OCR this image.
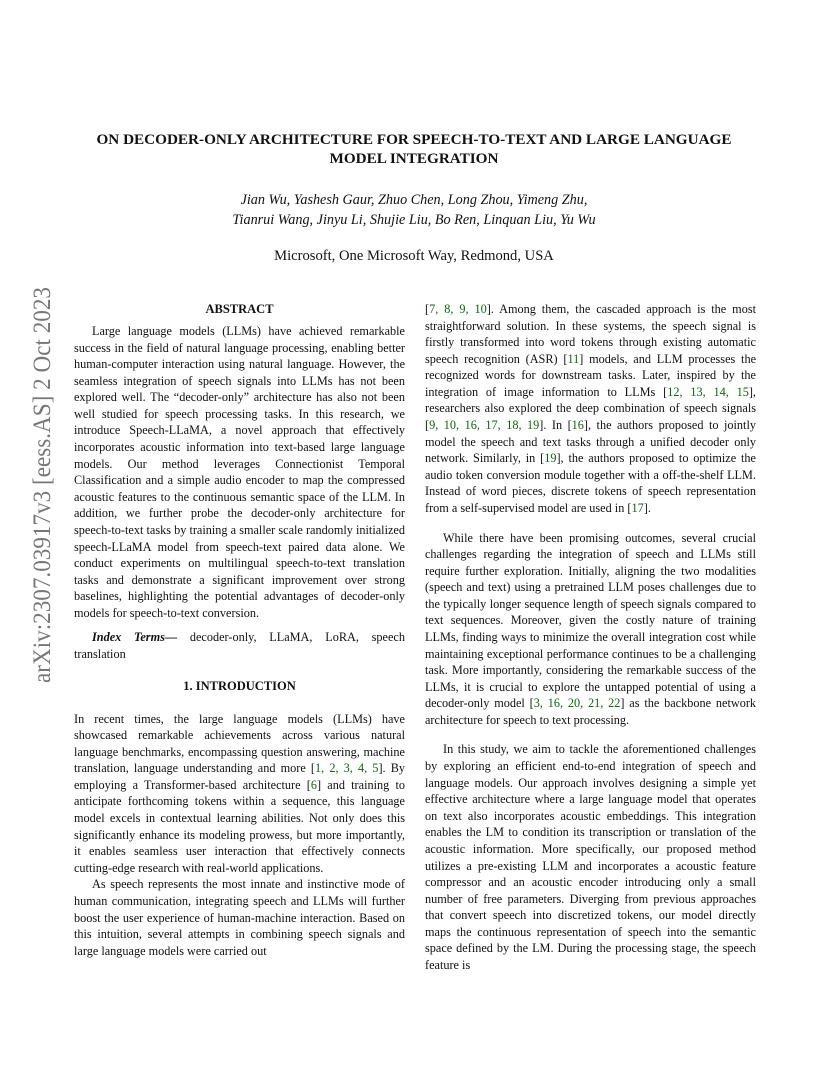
arXiv:2307.03917v3 [eess.AS] 2 Oct 2023
ON DECODER-ONLY ARCHITECTURE FOR SPEECH-TO-TEXT AND LARGE LANGUAGE
MODEL INTEGRATION
Jian Wu, Yashesh Gaur, Zhuo Chen, Long Zhou, Yimeng Zhu,
Tianrui Wang, Jinyu Li, Shujie Liu, Bo Ren, Linquan Liu, Yu Wu
Microsoft, One Microsoft Way, Redmond, USA
ABSTRACT

Large language models (LLMs) have achieved remarkable success in the field of natural language processing, enabling better human-computer interaction using natural language. However, the seamless integration of speech signals into LLMs has not been explored well. The “decoder-only” architecture has also not been well studied for speech processing tasks. In this research, we introduce Speech-LLaMA, a novel approach that effectively incorporates acoustic information into text-based large language models. Our method leverages Connectionist Temporal Classification and a simple audio encoder to map the compressed acoustic features to the continuous semantic space of the LLM. In addition, we further probe the decoder-only architecture for speech-to-text tasks by training a smaller scale randomly initialized speech-LLaMA model from speech-text paired data alone. We conduct experiments on multilingual speech-to-text translation tasks and demonstrate a significant improvement over strong baselines, highlighting the potential advantages of decoder-only models for speech-to-text conversion.

Index Terms— decoder-only, LLaMA, LoRA, speech translation

1. INTRODUCTION

In recent times, the large language models (LLMs) have showcased remarkable achievements across various natural language benchmarks, encompassing question answering, machine translation, language understanding and more [1, 2, 3, 4, 5]. By employing a Transformer-based architecture [6] and training to anticipate forthcoming tokens within a sequence, this language model excels in contextual learning abilities. Not only does this significantly enhance its modeling prowess, but more importantly, it enables seamless user interaction that effectively connects cutting-edge research with real-world applications.

As speech represents the most innate and instinctive mode of human communication, integrating speech and LLMs will further boost the user experience of human-machine interaction. Based on this intuition, several attempts in combining speech signals and large language models were carried out

[7, 8, 9, 10]. Among them, the cascaded approach is the most straightforward solution. In these systems, the speech signal is firstly transformed into word tokens through existing automatic speech recognition (ASR) [11] models, and LLM processes the recognized words for downstream tasks. Later, inspired by the integration of image information to LLMs [12, 13, 14, 15], researchers also explored the deep combination of speech signals [9, 10, 16, 17, 18, 19]. In [16], the authors proposed to jointly model the speech and text tasks through a unified decoder only network. Similarly, in [19], the authors proposed to optimize the audio token conversion module together with a off-the-shelf LLM. Instead of word pieces, discrete tokens of speech representation from a self-supervised model are used in [17].

While there have been promising outcomes, several crucial challenges regarding the integration of speech and LLMs still require further exploration. Initially, aligning the two modalities (speech and text) using a pretrained LLM poses challenges due to the typically longer sequence length of speech signals compared to text sequences. Moreover, given the costly nature of training LLMs, finding ways to minimize the overall integration cost while maintaining exceptional performance continues to be a challenging task. More importantly, considering the remarkable success of the LLMs, it is crucial to explore the untapped potential of using a decoder-only model [3, 16, 20, 21, 22] as the backbone network architecture for speech to text processing.

In this study, we aim to tackle the aforementioned challenges by exploring an efficient end-to-end integration of speech and language models. Our approach involves designing a simple yet effective architecture where a large language model that operates on text also incorporates acoustic embeddings. This integration enables the LM to condition its transcription or translation of the acoustic information. More specifically, our proposed method utilizes a pre-existing LLM and incorporates a acoustic feature compressor and an acoustic encoder introducing only a small number of free parameters. Diverging from previous approaches that convert speech into discretized tokens, our model directly maps the continuous representation of speech into the semantic space defined by the LM. During the processing stage, the speech feature is
